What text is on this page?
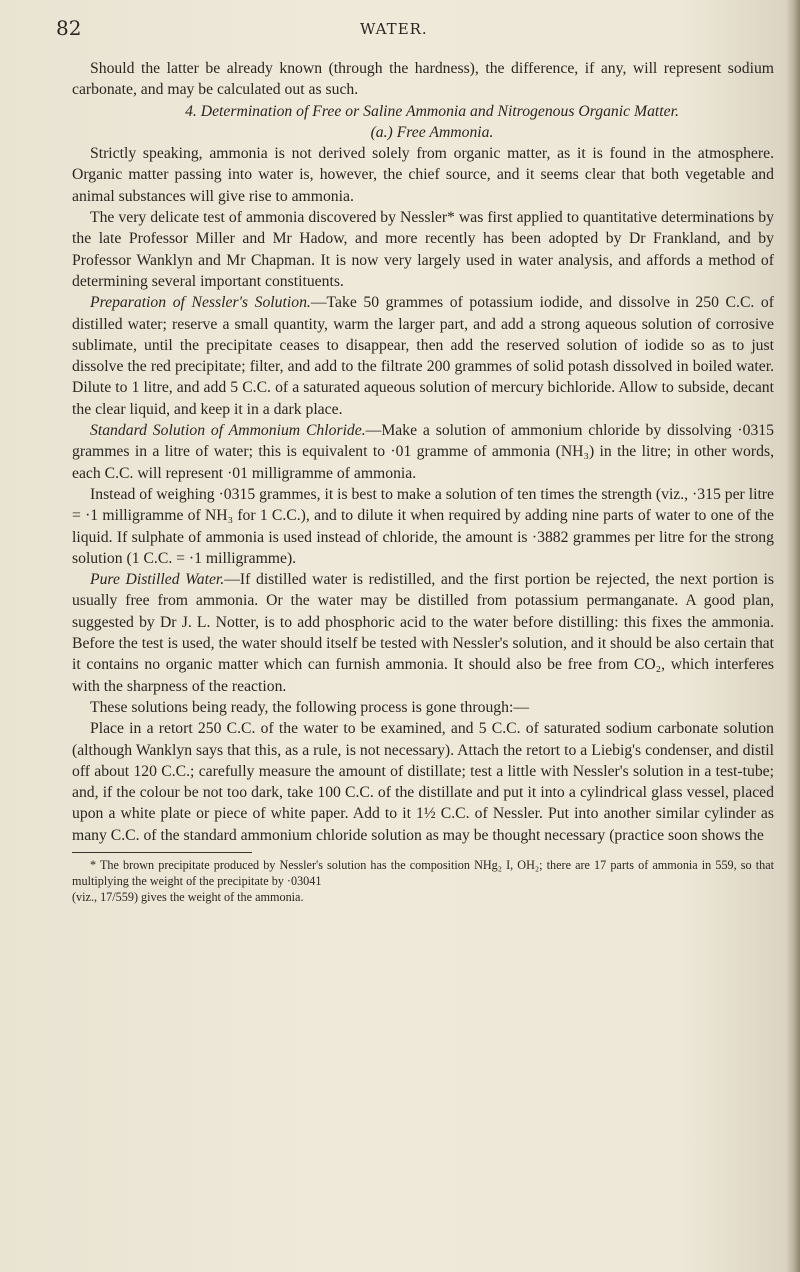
82	WATER.

Should the latter be already known (through the hardness), the difference, if any, will represent sodium carbonate, and may be calculated out as such.

4. Determination of Free or Saline Ammonia and Nitrogenous Organic Matter.

(a.) Free Ammonia.

Strictly speaking, ammonia is not derived solely from organic matter, as it is found in the atmosphere. Organic matter passing into water is, however, the chief source, and it seems clear that both vegetable and animal substances will give rise to ammonia.

The very delicate test of ammonia discovered by Nessler* was first applied to quantitative determinations by the late Professor Miller and Mr Hadow, and more recently has been adopted by Dr Frankland, and by Professor Wanklyn and Mr Chapman. It is now very largely used in water analysis, and affords a method of determining several important constituents.

Preparation of Nessler's Solution.—Take 50 grammes of potassium iodide, and dissolve in 250 C.C. of distilled water; reserve a small quantity, warm the larger part, and add a strong aqueous solution of corrosive sublimate, until the precipitate ceases to disappear, then add the reserved solution of iodide so as to just dissolve the red precipitate; filter, and add to the filtrate 200 grammes of solid potash dissolved in boiled water. Dilute to 1 litre, and add 5 C.C. of a saturated aqueous solution of mercury bichloride. Allow to subside, decant the clear liquid, and keep it in a dark place.

Standard Solution of Ammonium Chloride.—Make a solution of ammonium chloride by dissolving ·0315 grammes in a litre of water; this is equivalent to ·01 gramme of ammonia (NH₃) in the litre; in other words, each C.C. will represent ·01 milligramme of ammonia.

Instead of weighing ·0315 grammes, it is best to make a solution of ten times the strength (viz., ·315 per litre = ·1 milligramme of NH₃ for 1 C.C.), and to dilute it when required by adding nine parts of water to one of the liquid. If sulphate of ammonia is used instead of chloride, the amount is ·3882 grammes per litre for the strong solution (1 C.C. = ·1 milligramme).

Pure Distilled Water.—If distilled water is redistilled, and the first portion be rejected, the next portion is usually free from ammonia. Or the water may be distilled from potassium permanganate. A good plan, suggested by Dr J. L. Notter, is to add phosphoric acid to the water before distilling: this fixes the ammonia. Before the test is used, the water should itself be tested with Nessler's solution, and it should be also certain that it contains no organic matter which can furnish ammonia. It should also be free from CO₂, which interferes with the sharpness of the reaction.

These solutions being ready, the following process is gone through:—

Place in a retort 250 C.C. of the water to be examined, and 5 C.C. of saturated sodium carbonate solution (although Wanklyn says that this, as a rule, is not necessary). Attach the retort to a Liebig's condenser, and distil off about 120 C.C.; carefully measure the amount of distillate; test a little with Nessler's solution in a test-tube; and, if the colour be not too dark, take 100 C.C. of the distillate and put it into a cylindrical glass vessel, placed upon a white plate or piece of white paper. Add to it 1½ C.C. of Nessler. Put into another similar cylinder as many C.C. of the standard ammonium chloride solution as may be thought necessary (practice soon shows the

* The brown precipitate produced by Nessler's solution has the composition NHg₂ I, OH₂; there are 17 parts of ammonia in 559, so that multiplying the weight of the precipitate by ·03041

(viz., 17/559) gives the weight of the ammonia.
